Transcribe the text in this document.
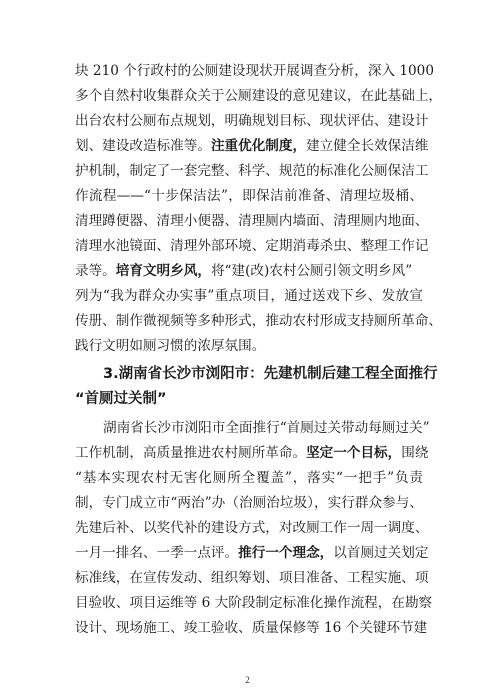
块 210 个行政村的公厕建设现状开展调查分析，深入 1000
多个自然村收集群众关于公厕建设的意见建议，在此基础上，
出台农村公厕布点规划，明确规划目标、现状评估、建设计
划、建设改造标准等。注重优化制度，建立健全长效保洁维
护机制，制定了一套完整、科学、规范的标准化公厕保洁工
作流程——“十步保洁法”，即保洁前准备、清理垃圾桶、
清理蹲便器、清理小便器、清理厕内墙面、清理厕内地面、
清理水池镜面、清理外部环境、定期消毒杀虫、整理工作记
录等。培育文明乡风，将“建(改)农村公厕引领文明乡风”
列为“我为群众办实事”重点项目，通过送戏下乡、发放宣
传册、制作微视频等多种形式，推动农村形成支持厕所革命、
践行文明如厕习惯的浓厚氛围。
3.湖南省长沙市浏阳市：先建机制后建工程全面推行
“首厕过关制”
湖南省长沙市浏阳市全面推行“首厕过关带动每厕过关”
工作机制，高质量推进农村厕所革命。坚定一个目标，围绕
“基本实现农村无害化厕所全覆盖”，落实“一把手”负责
制，专门成立市“两治”办（治厕治垃圾），实行群众参与、
先建后补、以奖代补的建设方式，对改厕工作一周一调度、
一月一排名、一季一点评。推行一个理念，以首厕过关划定
标准线，在宣传发动、组织筹划、项目准备、工程实施、项
目验收、项目运维等 6 大阶段制定标准化操作流程，在勘察
设计、现场施工、竣工验收、质量保修等 16 个关键环节建
2
